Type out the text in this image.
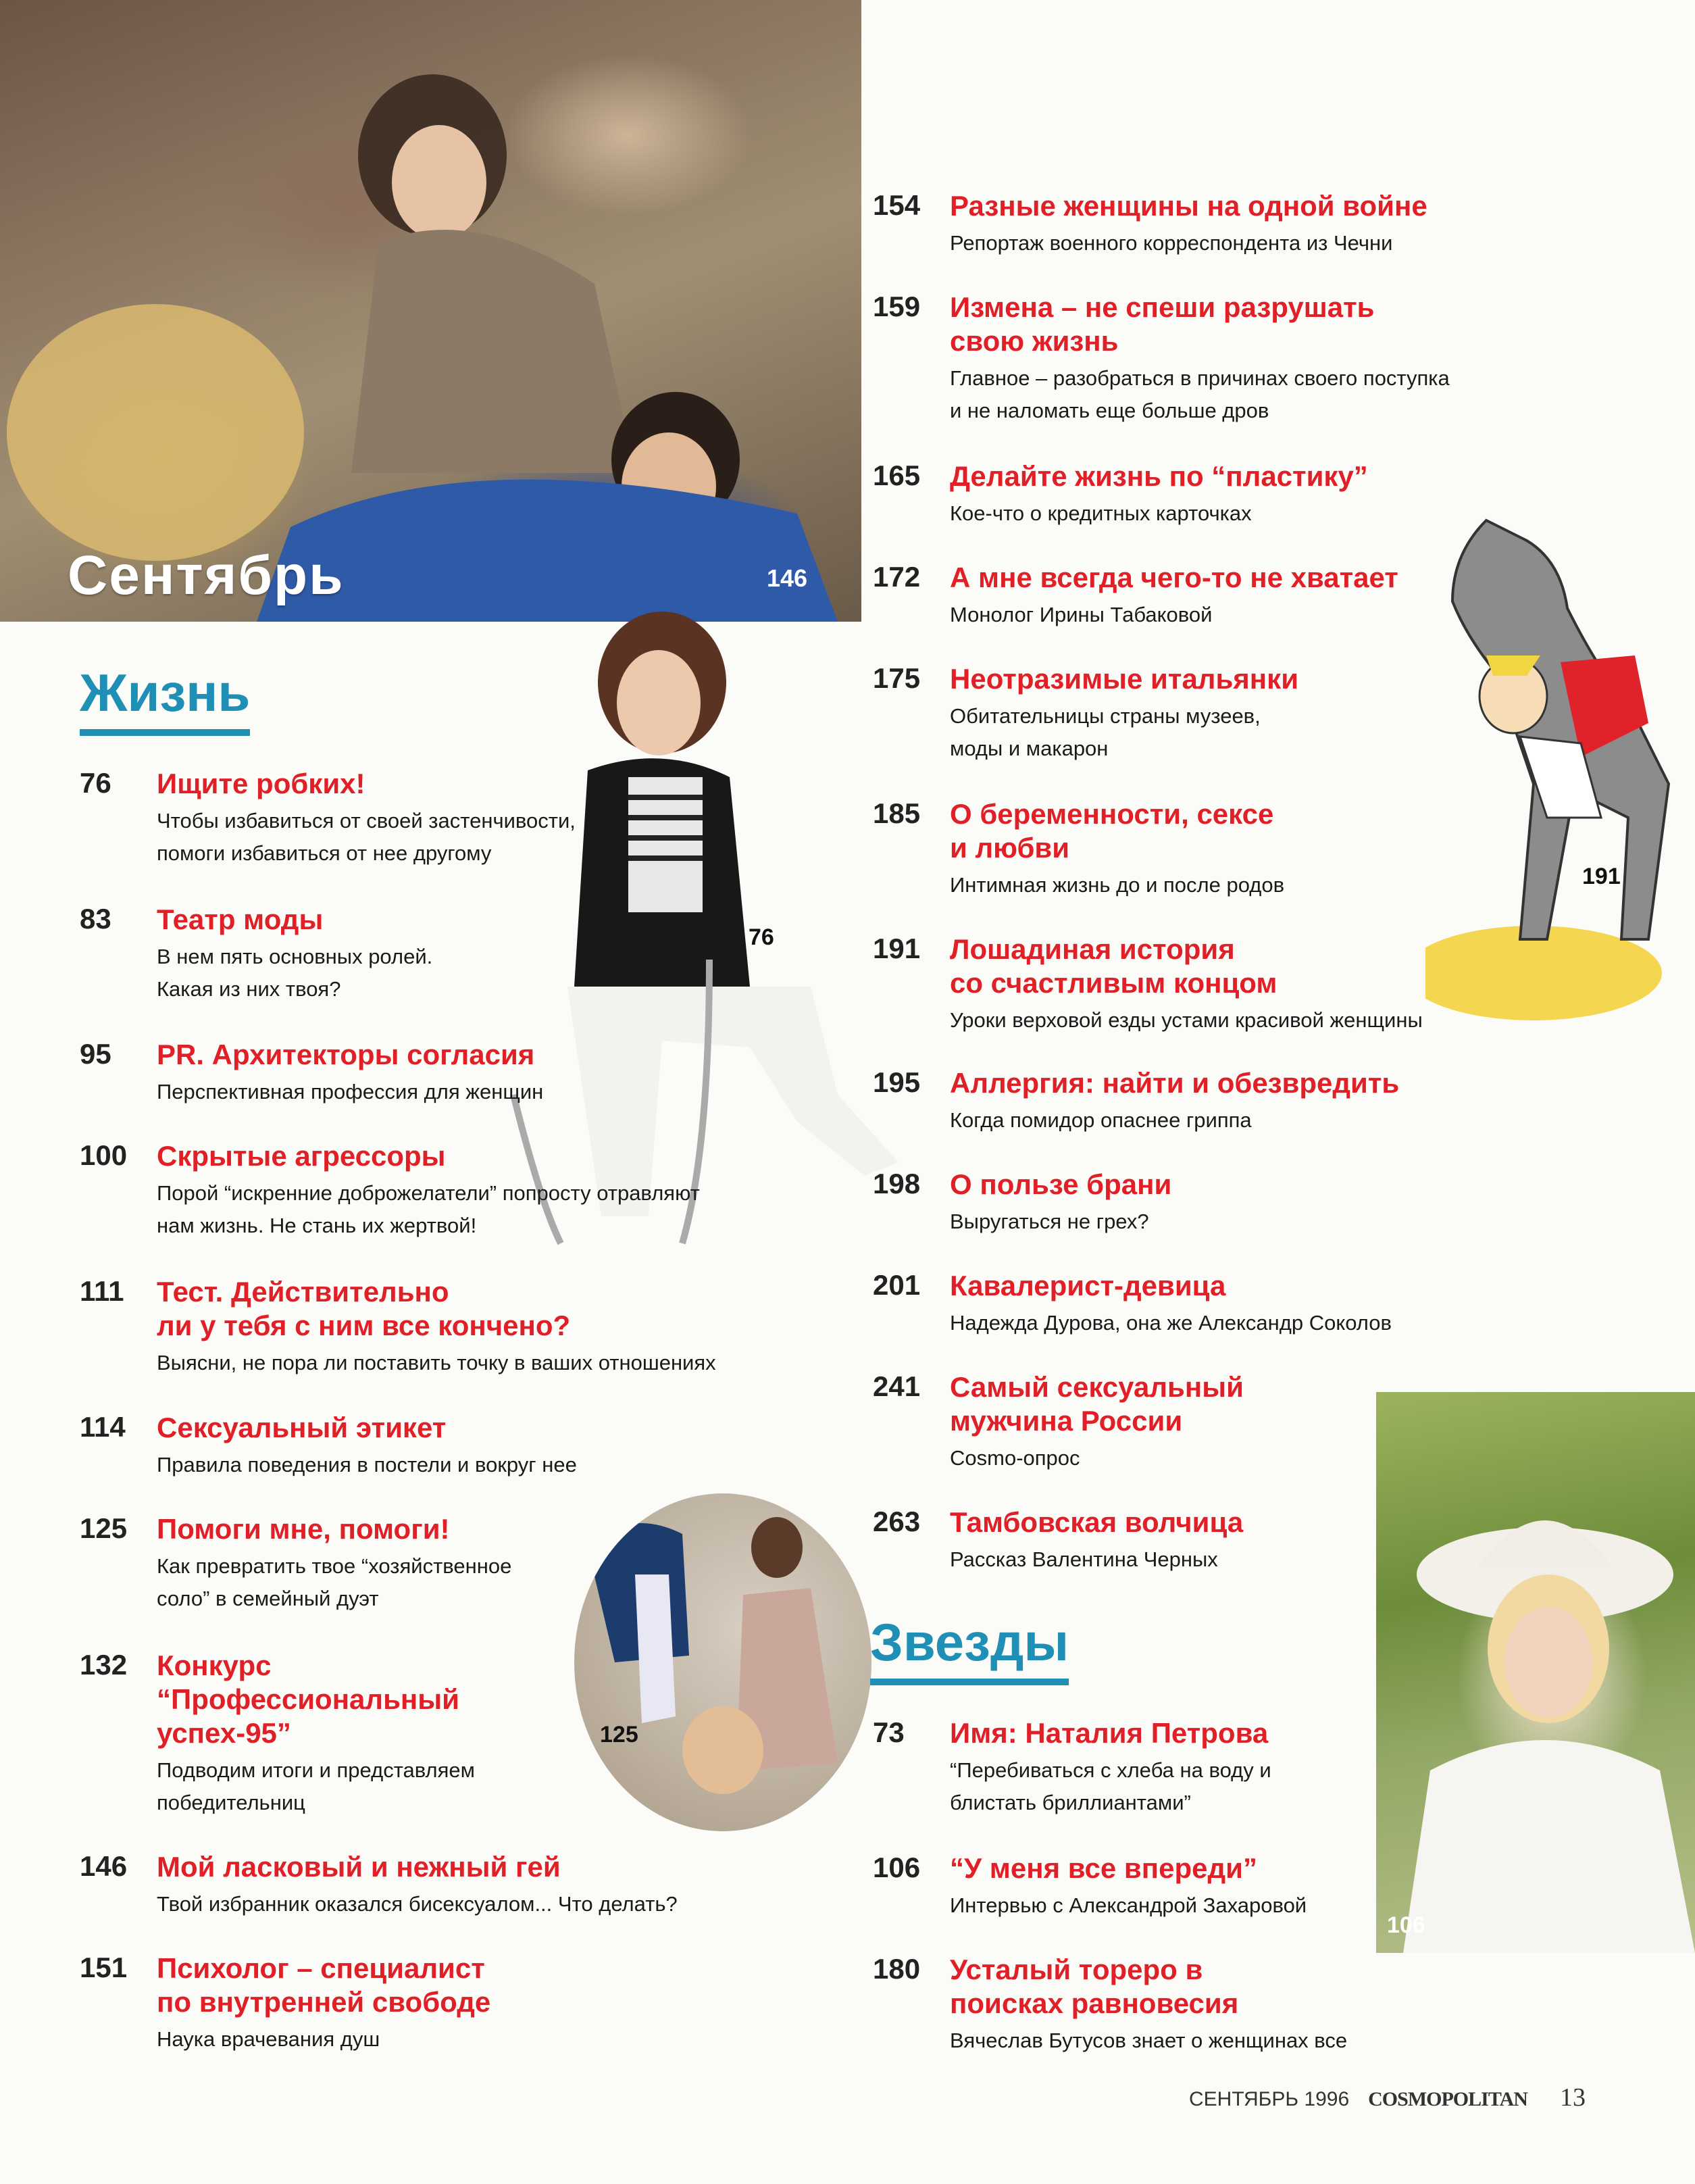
Сентябрь	146
Жизнь
76
125
191
106
76	Ищите робких!
Чтобы избавиться от своей застенчивости,
помоги избавиться от нее другому
83	Театр моды
В нем пять основных ролей.
Какая из них твоя?
95	PR. Архитекторы согласия
Перспективная профессия для женщин
100	Скрытые агрессоры
Порой “искренние доброжелатели” попросту отравляют
нам жизнь. Не стань их жертвой!
111	Тест. Действительно
ли у тебя с ним все кончено?
Выясни, не пора ли поставить точку в ваших отношениях
114	Сексуальный этикет
Правила поведения в постели и вокруг нее
125	Помоги мне, помоги!
Как превратить твое “хозяйственное
соло” в семейный дуэт
132	Конкурс
“Профессиональный
успех-95”
Подводим итоги и представляем
победительниц
146	Мой ласковый и нежный гей
Твой избранник оказался бисексуалом... Что делать?
151	Психолог – специалист
по внутренней свободе
Наука врачевания душ
154	Разные женщины на одной войне
Репортаж военного корреспондента из Чечни
159	Измена – не спеши разрушать
свою жизнь
Главное – разобраться в причинах своего поступка
и не наломать еще больше дров
165	Делайте жизнь по “пластику”
Кое-что о кредитных карточках
172	А мне всегда чего-то не хватает
Монолог Ирины Табаковой
175	Неотразимые итальянки
Обитательницы страны музеев,
моды и макарон
185	О беременности, сексе
и любви
Интимная жизнь до и после родов
191	Лошадиная история
со счастливым концом
Уроки верховой езды устами красивой женщины
195	Аллергия: найти и обезвредить
Когда помидор опаснее гриппа
198	О пользе брани
Выругаться не грех?
201	Кавалерист-девица
Надежда Дурова, она же Александр Соколов
241	Самый сексуальный
мужчина России
Cosmo-опрос
263	Тамбовская волчица
Рассказ Валентина Черных
Звезды
73	Имя: Наталия Петрова
“Перебиваться с хлеба на воду и
блистать бриллиантами”
106	“У меня все впереди”
Интервью с Александрой Захаровой
180	Усталый тореро в
поисках равновесия
Вячеслав Бутусов знает о женщинах все
СЕНТЯБРЬ 1996 COSMOPOLITAN 13
